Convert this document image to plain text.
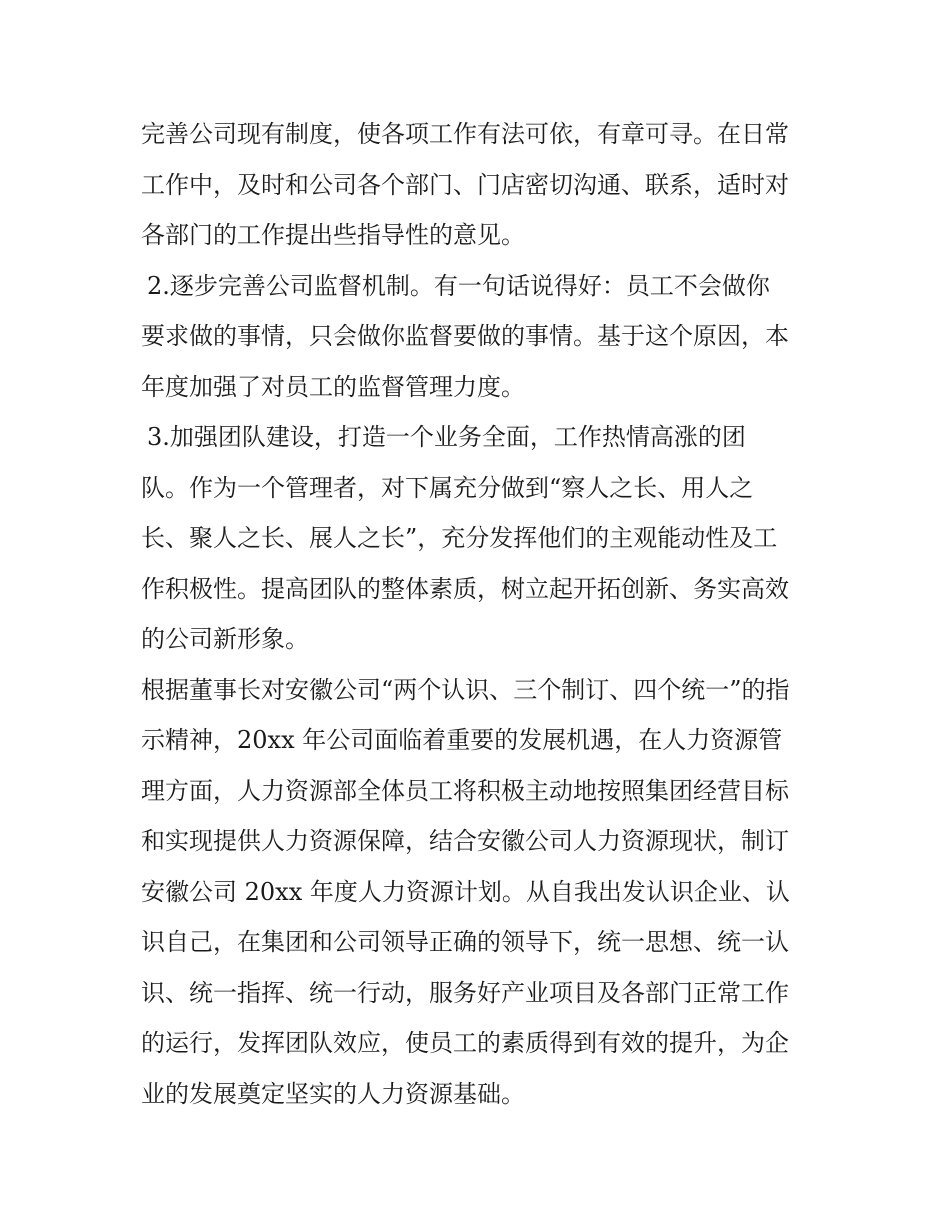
完善公司现有制度，使各项工作有法可依，有章可寻。在日常
工作中，及时和公司各个部门、门店密切沟通、联系，适时对
各部门的工作提出些指导性的意见。
2.逐步完善公司监督机制。有一句话说得好：员工不会做你
要求做的事情，只会做你监督要做的事情。基于这个原因，本
年度加强了对员工的监督管理力度。
3.加强团队建设，打造一个业务全面，工作热情高涨的团
队。作为一个管理者，对下属充分做到“察人之长、用人之
长、聚人之长、展人之长”，充分发挥他们的主观能动性及工
作积极性。提高团队的整体素质，树立起开拓创新、务实高效
的公司新形象。
根据董事长对安徽公司“两个认识、三个制订、四个统一”的指
示精神，20xx 年公司面临着重要的发展机遇，在人力资源管
理方面，人力资源部全体员工将积极主动地按照集团经营目标
和实现提供人力资源保障，结合安徽公司人力资源现状，制订
安徽公司 20xx 年度人力资源计划。从自我出发认识企业、认
识自己，在集团和公司领导正确的领导下，统一思想、统一认
识、统一指挥、统一行动，服务好产业项目及各部门正常工作
的运行，发挥团队效应，使员工的素质得到有效的提升，为企
业的发展奠定坚实的人力资源基础。
